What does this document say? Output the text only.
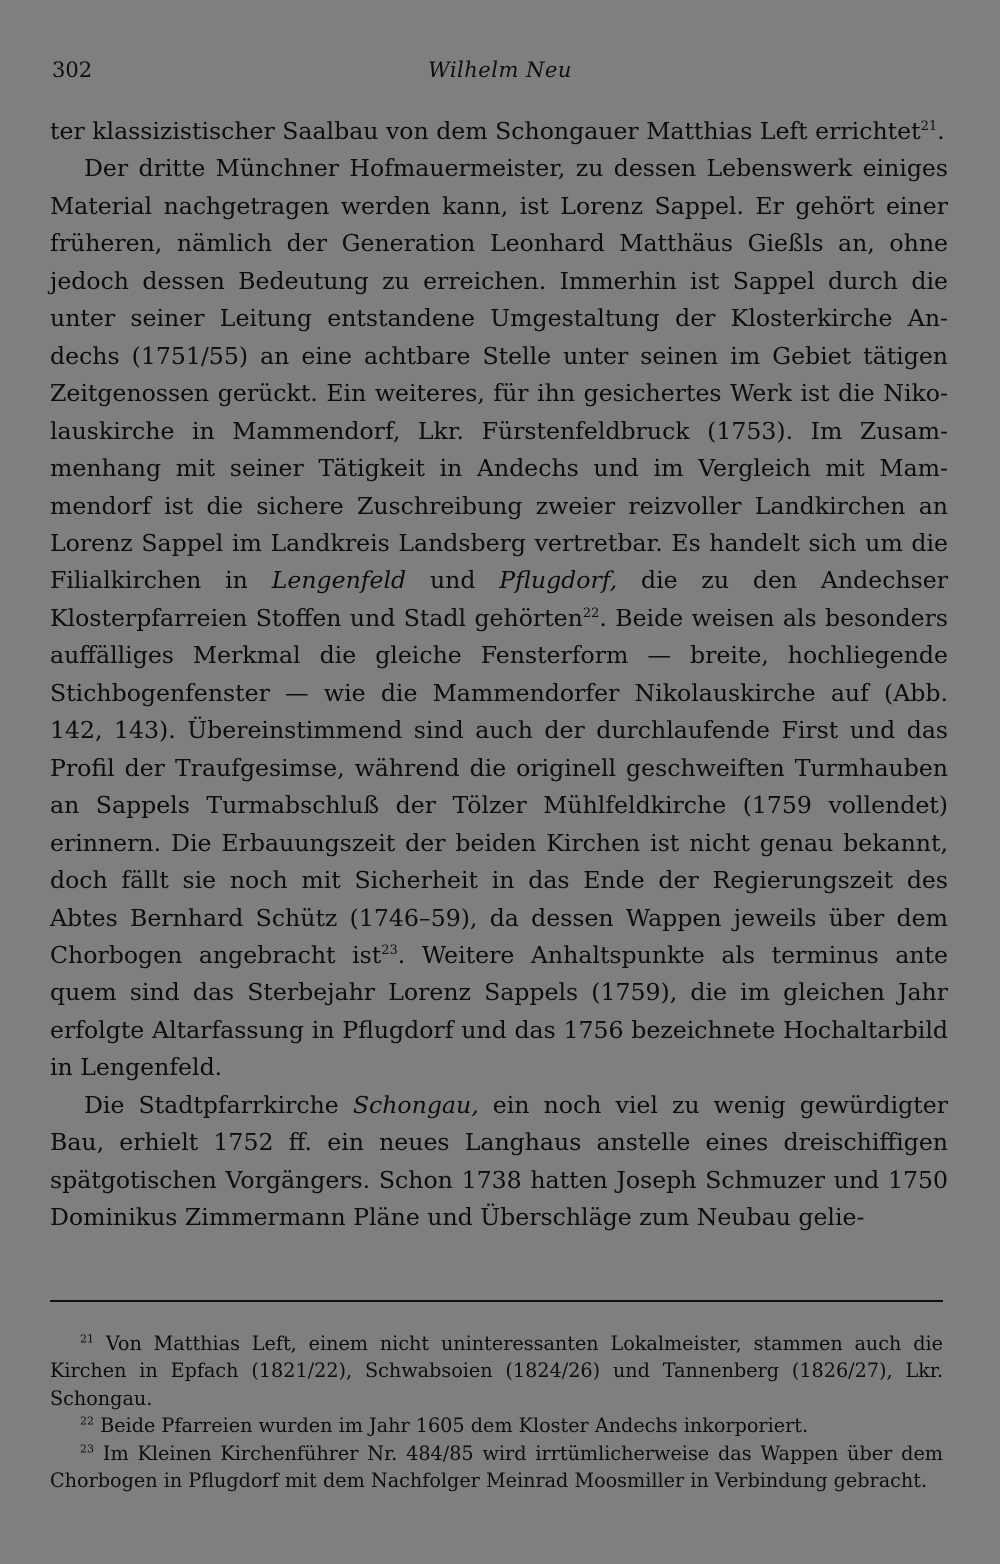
302	Wilhelm Neu

ter klassizistischer Saalbau von dem Schongauer Matthias Left errichtet$^{21}$.

Der dritte Münchner Hofmauermeister, zu dessen Lebenswerk einiges Material nachgetragen werden kann, ist Lorenz Sappel. Er gehört einer früheren, nämlich der Generation Leonhard Matthäus Gießls an, ohne jedoch dessen Bedeutung zu erreichen. Immerhin ist Sappel durch die unter seiner Leitung entstandene Umgestaltung der Klosterkirche Andechs (1751/55) an eine achtbare Stelle unter seinen im Gebiet tätigen Zeitgenossen gerückt. Ein weiteres, für ihn gesichertes Werk ist die Nikolauskirche in Mammendorf, Lkr. Fürstenfeldbruck (1753). Im Zusammenhang mit seiner Tätigkeit in Andechs und im Vergleich mit Mammendorf ist die sichere Zuschreibung zweier reizvoller Landkirchen an Lorenz Sappel im Landkreis Landsberg vertretbar. Es handelt sich um die Filialkirchen in Lengenfeld und Pflugdorf, die zu den Andechser Klosterpfarreien Stoffen und Stadl gehörten$^{22}$. Beide weisen als besonders auffälliges Merkmal die gleiche Fensterform — breite, hochliegende Stichbogenfenster — wie die Mammendorfer Nikolauskirche auf (Abb. 142, 143). Übereinstimmend sind auch der durchlaufende First und das Profil der Traufgesimse, während die originell geschweiften Turmhauben an Sappels Turmabschluß der Tölzer Mühlfeldkirche (1759 vollendet) erinnern. Die Erbauungszeit der beiden Kirchen ist nicht genau bekannt, doch fällt sie noch mit Sicherheit in das Ende der Regierungszeit des Abtes Bernhard Schütz (1746–59), da dessen Wappen jeweils über dem Chorbogen angebracht ist$^{23}$. Weitere Anhaltspunkte als terminus ante quem sind das Sterbejahr Lorenz Sappels (1759), die im gleichen Jahr erfolgte Altarfassung in Pflugdorf und das 1756 bezeichnete Hochaltarbild in Lengenfeld.

Die Stadtpfarrkirche Schongau, ein noch viel zu wenig gewürdigter Bau, erhielt 1752 ff. ein neues Langhaus anstelle eines dreischiffigen spätgotischen Vorgängers. Schon 1738 hatten Joseph Schmuzer und 1750 Dominikus Zimmermann Pläne und Überschläge zum Neubau gelie-

$^{21}$ Von Matthias Left, einem nicht uninteressanten Lokalmeister, stammen auch die Kirchen in Epfach (1821/22), Schwabsoien (1824/26) und Tannenberg (1826/27), Lkr. Schongau.

$^{22}$ Beide Pfarreien wurden im Jahr 1605 dem Kloster Andechs inkorporiert.

$^{23}$ Im Kleinen Kirchenführer Nr. 484/85 wird irrtümlicherweise das Wappen über dem Chorbogen in Pflugdorf mit dem Nachfolger Meinrad Moosmiller in Verbindung gebracht.
